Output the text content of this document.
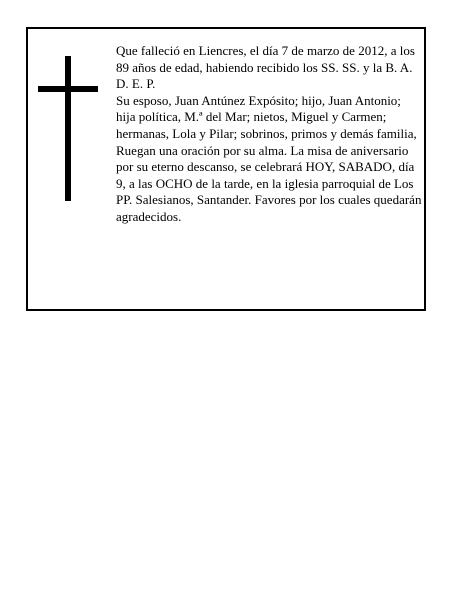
Que falleció en Liencres, el día 7 de marzo de 2012, a los 89 años de edad, habiendo recibido los SS. SS. y la B. A.

D. E. P.

Su esposo, Juan Antúnez Expósito; hijo, Juan Antonio; hija política, M.ª del Mar; nietos, Miguel y Carmen; hermanas, Lola y Pilar; sobrinos, primos y demás familia,

Ruegan una oración por su alma. La misa de aniversario por su eterno descanso, se celebrará HOY, SABADO, día 9, a las OCHO de la tarde, en la iglesia parroquial de Los PP. Salesianos, Santander. Favores por los cuales quedarán agradecidos.
